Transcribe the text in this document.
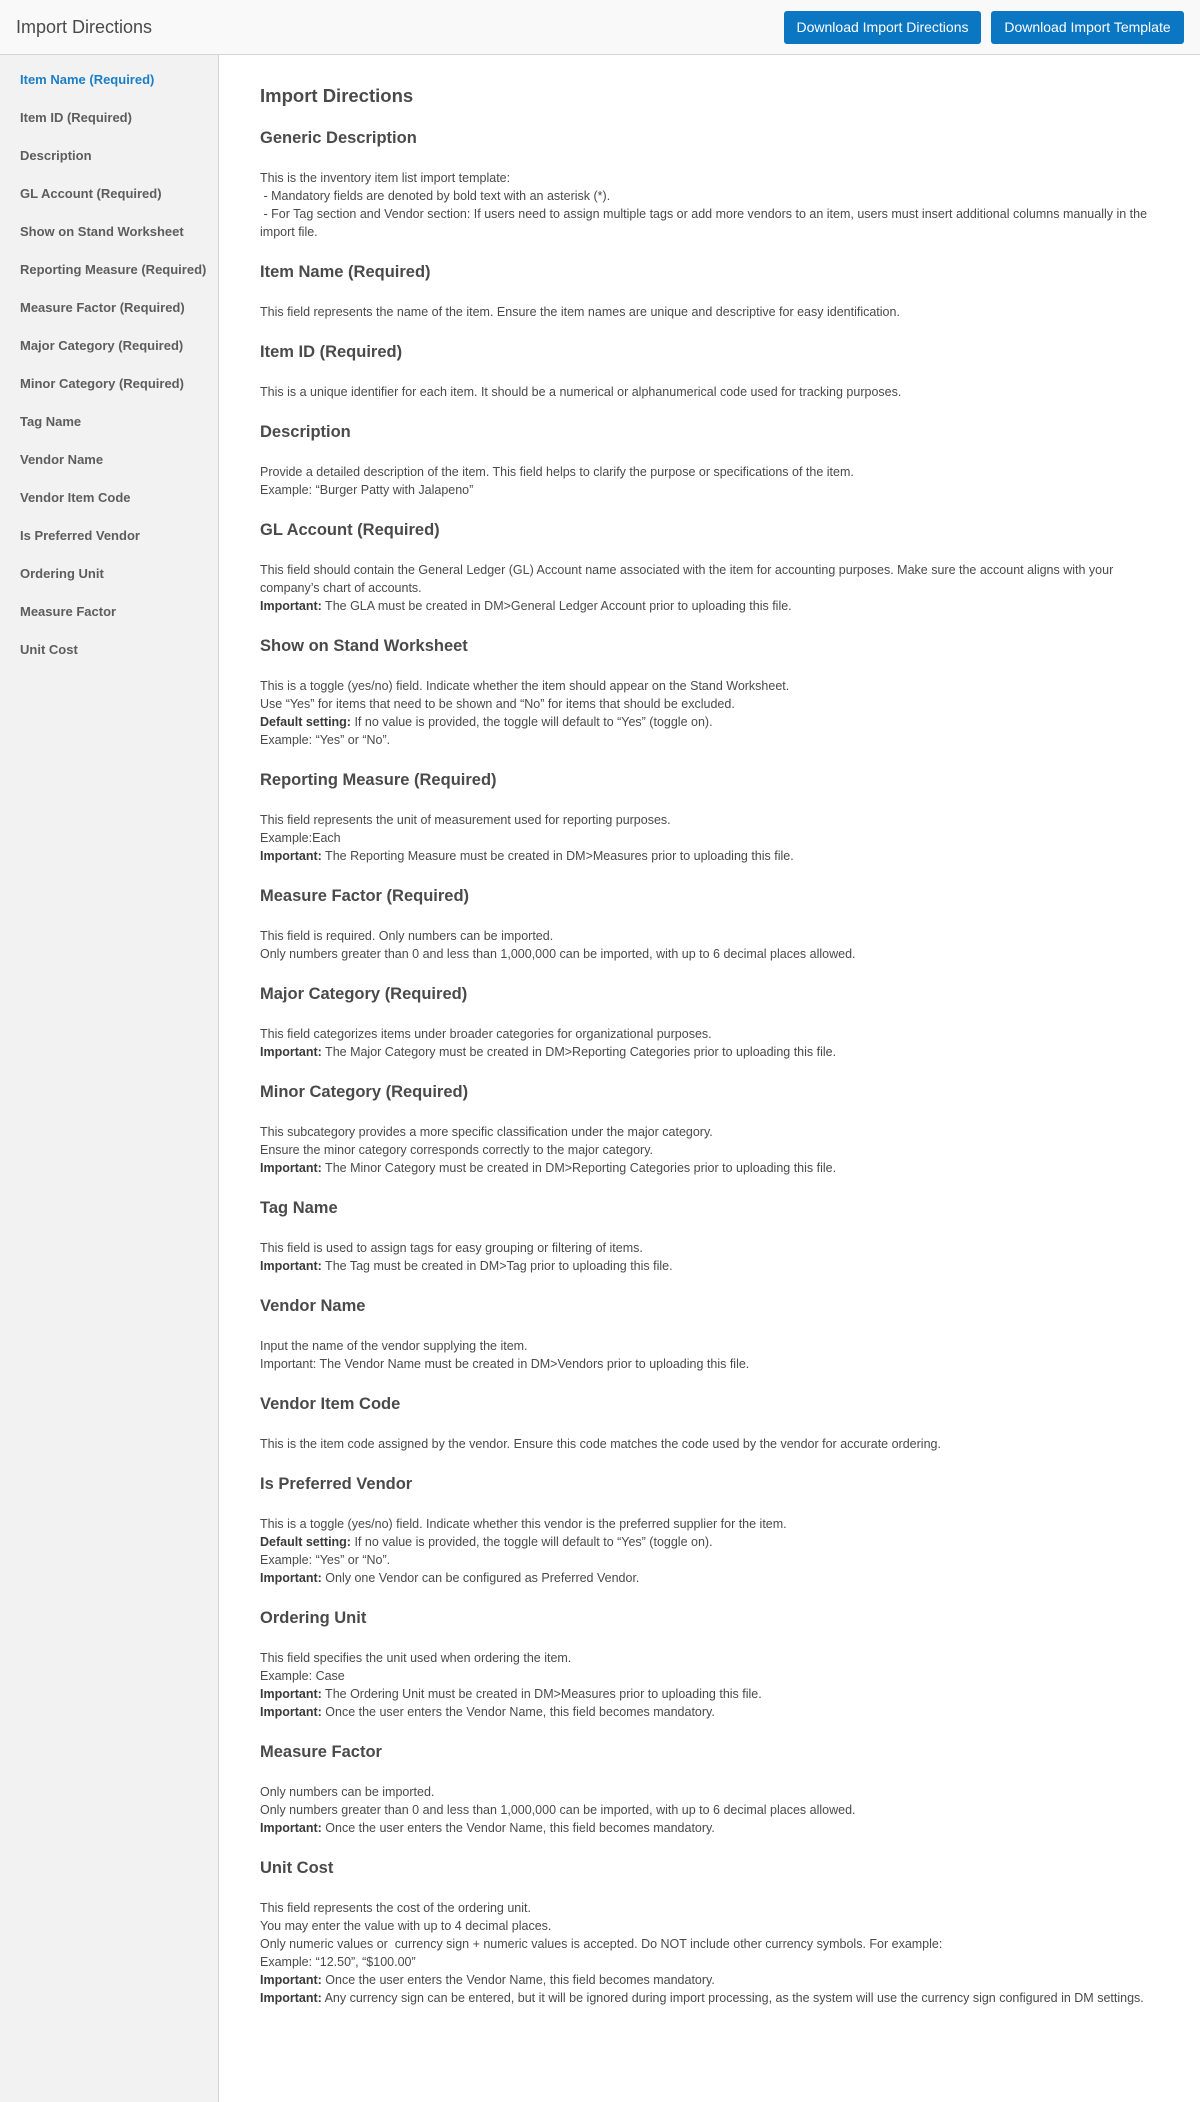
Import Directions	Download Import Directions	Download Import Template
Item Name (Required)
Item ID (Required)
Description
GL Account (Required)
Show on Stand Worksheet
Reporting Measure (Required)
Measure Factor (Required)
Major Category (Required)
Minor Category (Required)
Tag Name
Vendor Name
Vendor Item Code
Is Preferred Vendor
Ordering Unit
Measure Factor
Unit Cost
Import Directions
Generic Description
This is the inventory item list import template:
- Mandatory fields are denoted by bold text with an asterisk (*).
- For Tag section and Vendor section: If users need to assign multiple tags or add more vendors to an item, users must insert additional columns manually in the import file.
Item Name (Required)
This field represents the name of the item. Ensure the item names are unique and descriptive for easy identification.
Item ID (Required)
This is a unique identifier for each item. It should be a numerical or alphanumerical code used for tracking purposes.
Description
Provide a detailed description of the item. This field helps to clarify the purpose or specifications of the item.
Example: “Burger Patty with Jalapeno”
GL Account (Required)
This field should contain the General Ledger (GL) Account name associated with the item for accounting purposes. Make sure the account aligns with your company’s chart of accounts.
Important: The GLA must be created in DM>General Ledger Account prior to uploading this file.
Show on Stand Worksheet
This is a toggle (yes/no) field. Indicate whether the item should appear on the Stand Worksheet.
Use “Yes” for items that need to be shown and “No” for items that should be excluded.
Default setting: If no value is provided, the toggle will default to “Yes” (toggle on).
Example: “Yes” or “No”.
Reporting Measure (Required)
This field represents the unit of measurement used for reporting purposes.
Example:Each
Important: The Reporting Measure must be created in DM>Measures prior to uploading this file.
Measure Factor (Required)
This field is required. Only numbers can be imported.
Only numbers greater than 0 and less than 1,000,000 can be imported, with up to 6 decimal places allowed.
Major Category (Required)
This field categorizes items under broader categories for organizational purposes.
Important: The Major Category must be created in DM>Reporting Categories prior to uploading this file.
Minor Category (Required)
This subcategory provides a more specific classification under the major category.
Ensure the minor category corresponds correctly to the major category.
Important: The Minor Category must be created in DM>Reporting Categories prior to uploading this file.
Tag Name
This field is used to assign tags for easy grouping or filtering of items.
Important: The Tag must be created in DM>Tag prior to uploading this file.
Vendor Name
Input the name of the vendor supplying the item.
Important: The Vendor Name must be created in DM>Vendors prior to uploading this file.
Vendor Item Code
This is the item code assigned by the vendor. Ensure this code matches the code used by the vendor for accurate ordering.
Is Preferred Vendor
This is a toggle (yes/no) field. Indicate whether this vendor is the preferred supplier for the item.
Default setting: If no value is provided, the toggle will default to “Yes” (toggle on).
Example: “Yes” or “No”.
Important: Only one Vendor can be configured as Preferred Vendor.
Ordering Unit
This field specifies the unit used when ordering the item.
Example: Case
Important: The Ordering Unit must be created in DM>Measures prior to uploading this file.
Important: Once the user enters the Vendor Name, this field becomes mandatory.
Measure Factor
Only numbers can be imported.
Only numbers greater than 0 and less than 1,000,000 can be imported, with up to 6 decimal places allowed.
Important: Once the user enters the Vendor Name, this field becomes mandatory.
Unit Cost
This field represents the cost of the ordering unit.
You may enter the value with up to 4 decimal places.
Only numeric values or  currency sign + numeric values is accepted. Do NOT include other currency symbols. For example:
Example: “12.50”, “$100.00”
Important: Once the user enters the Vendor Name, this field becomes mandatory.
Important: Any currency sign can be entered, but it will be ignored during import processing, as the system will use the currency sign configured in DM settings.
